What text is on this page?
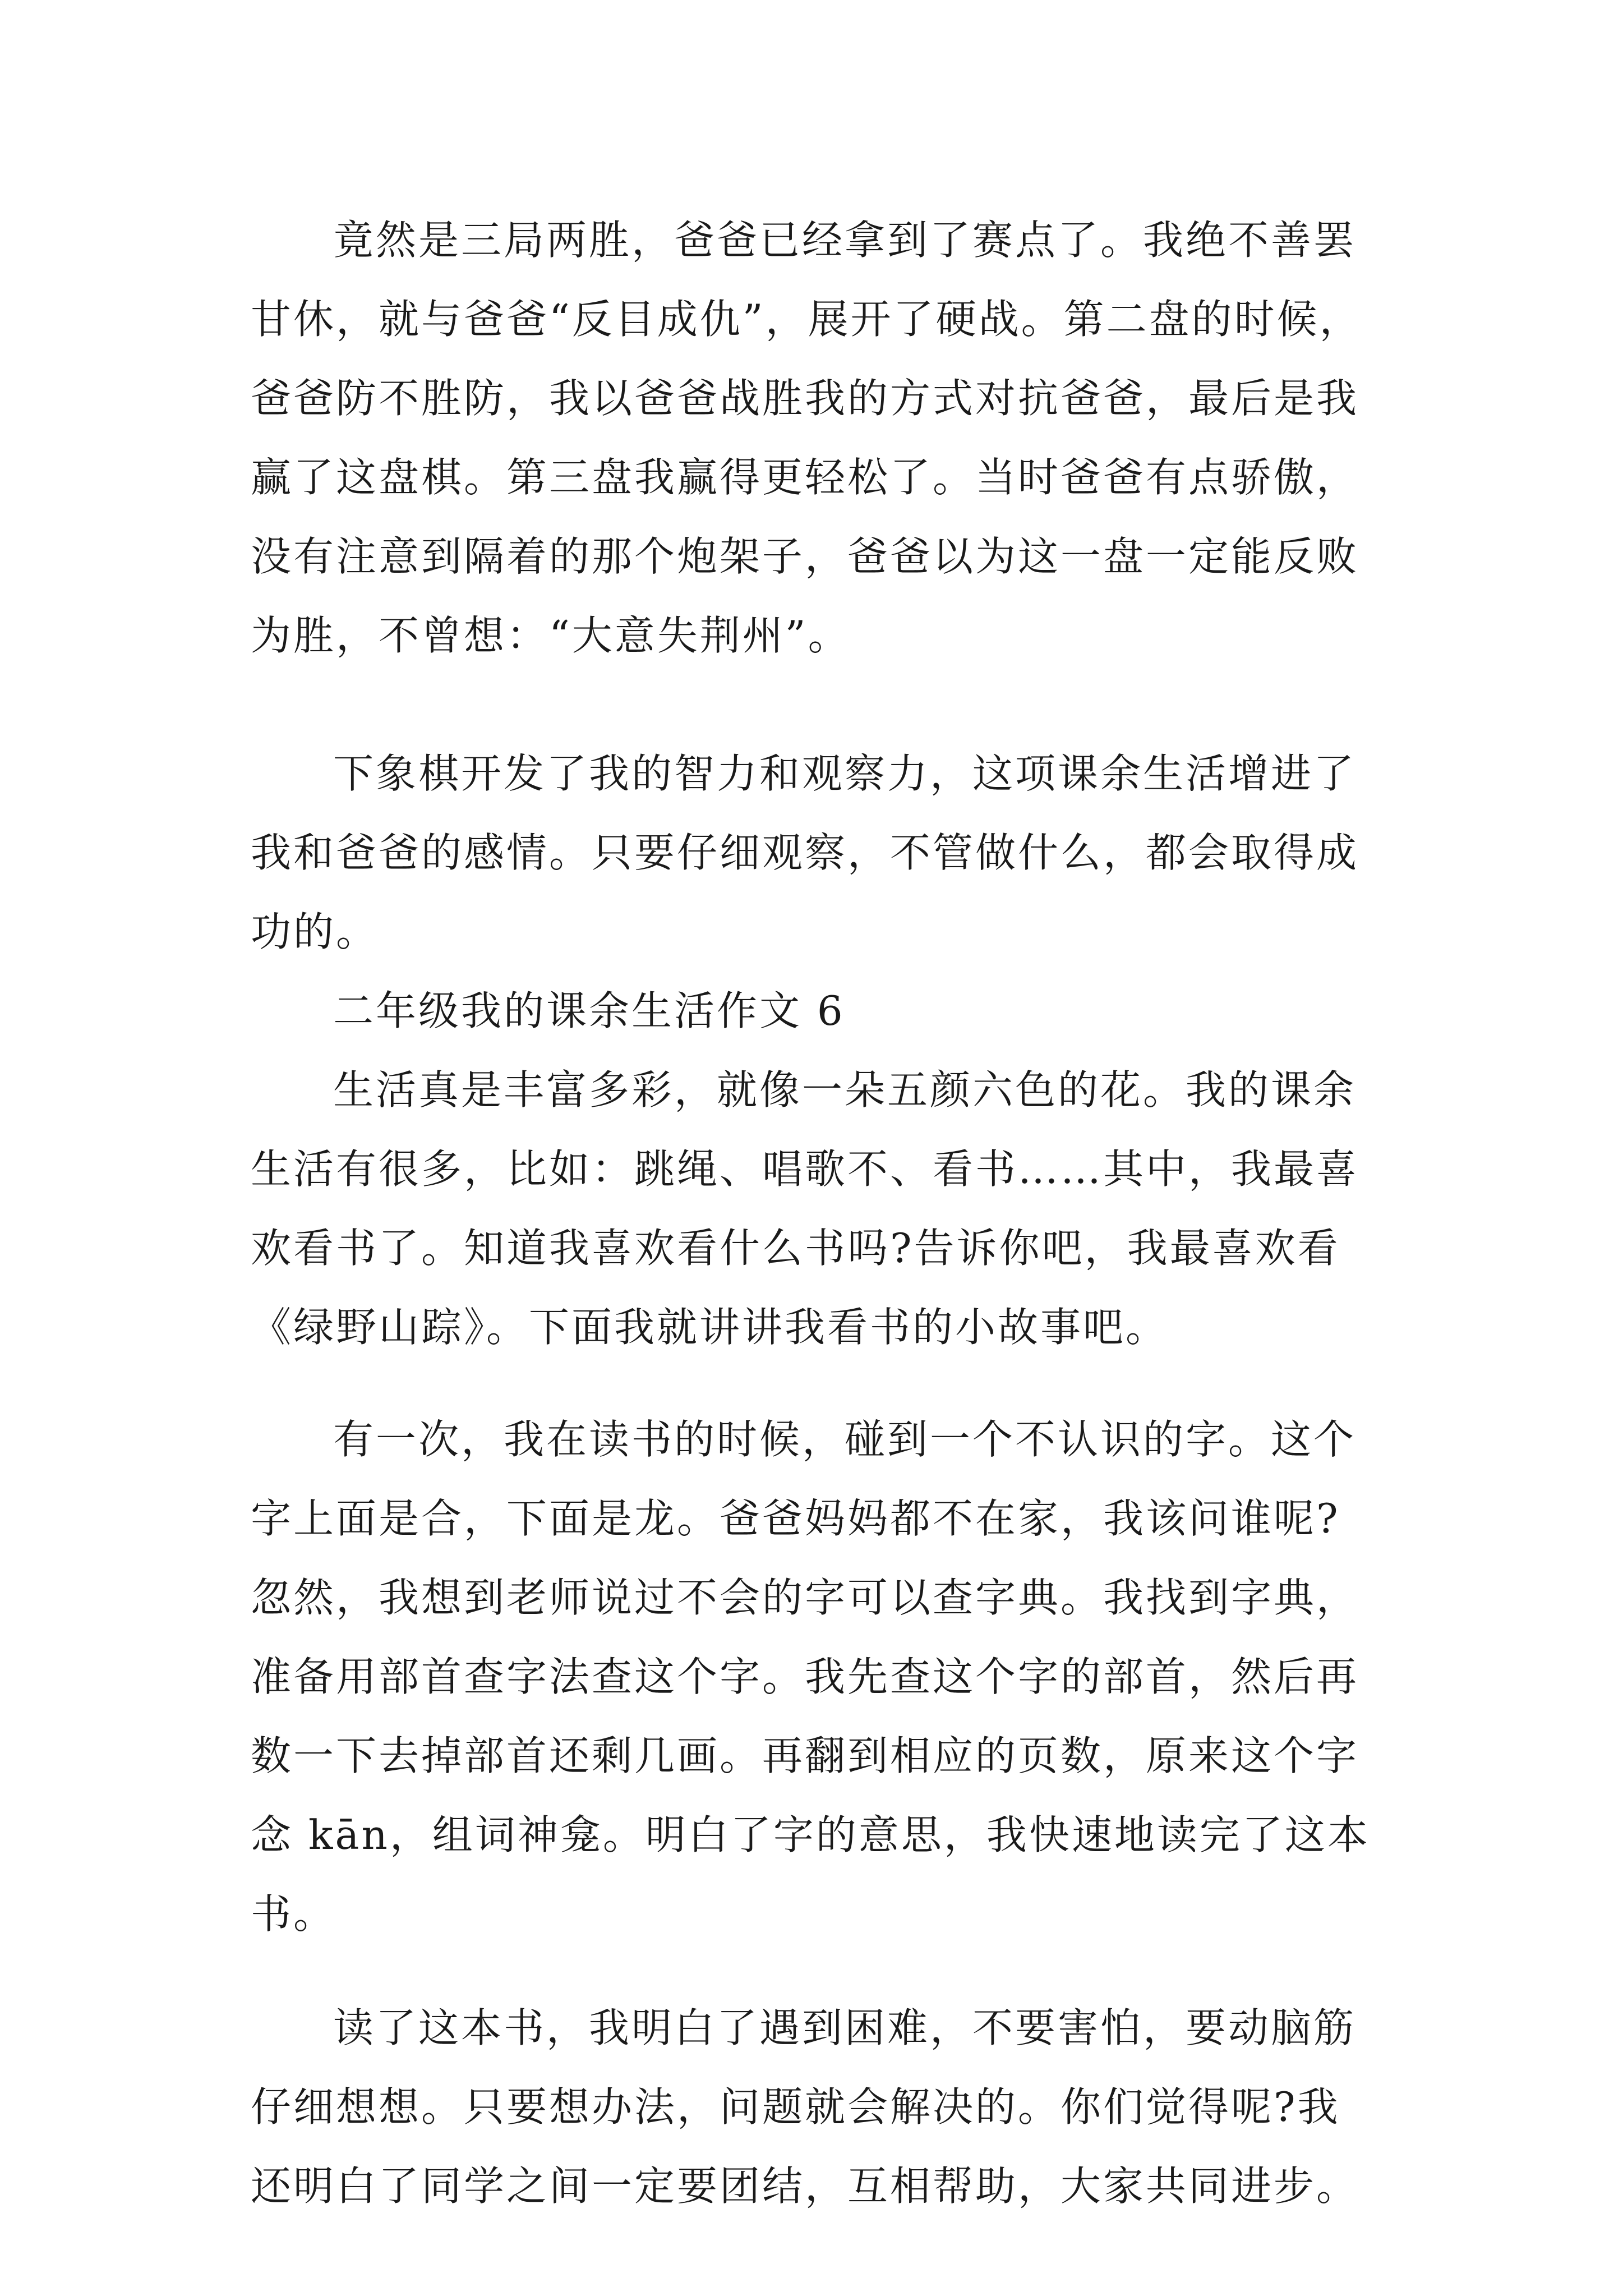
竟然是三局两胜，爸爸已经拿到了赛点了。我绝不善罢
甘休，就与爸爸“反目成仇”，展开了硬战。第二盘的时候，
爸爸防不胜防，我以爸爸战胜我的方式对抗爸爸，最后是我
赢了这盘棋。第三盘我赢得更轻松了。当时爸爸有点骄傲，
没有注意到隔着的那个炮架子，爸爸以为这一盘一定能反败
为胜，不曾想：“大意失荆州”。
下象棋开发了我的智力和观察力，这项课余生活增进了
我和爸爸的感情。只要仔细观察，不管做什么，都会取得成
功的。
二年级我的课余生活作文 6
生活真是丰富多彩，就像一朵五颜六色的花。我的课余
生活有很多，比如：跳绳、唱歌不、看书……其中，我最喜
欢看书了。知道我喜欢看什么书吗?告诉你吧，我最喜欢看
《绿野山踪》。下面我就讲讲我看书的小故事吧。
有一次，我在读书的时候，碰到一个不认识的字。这个
字上面是合，下面是龙。爸爸妈妈都不在家，我该问谁呢?
忽然，我想到老师说过不会的字可以查字典。我找到字典，
准备用部首查字法查这个字。我先查这个字的部首，然后再
数一下去掉部首还剩几画。再翻到相应的页数，原来这个字
念 kān，组词神龛。明白了字的意思，我快速地读完了这本
书。
读了这本书，我明白了遇到困难，不要害怕，要动脑筋
仔细想想。只要想办法，问题就会解决的。你们觉得呢?我
还明白了同学之间一定要团结，互相帮助，大家共同进步。
